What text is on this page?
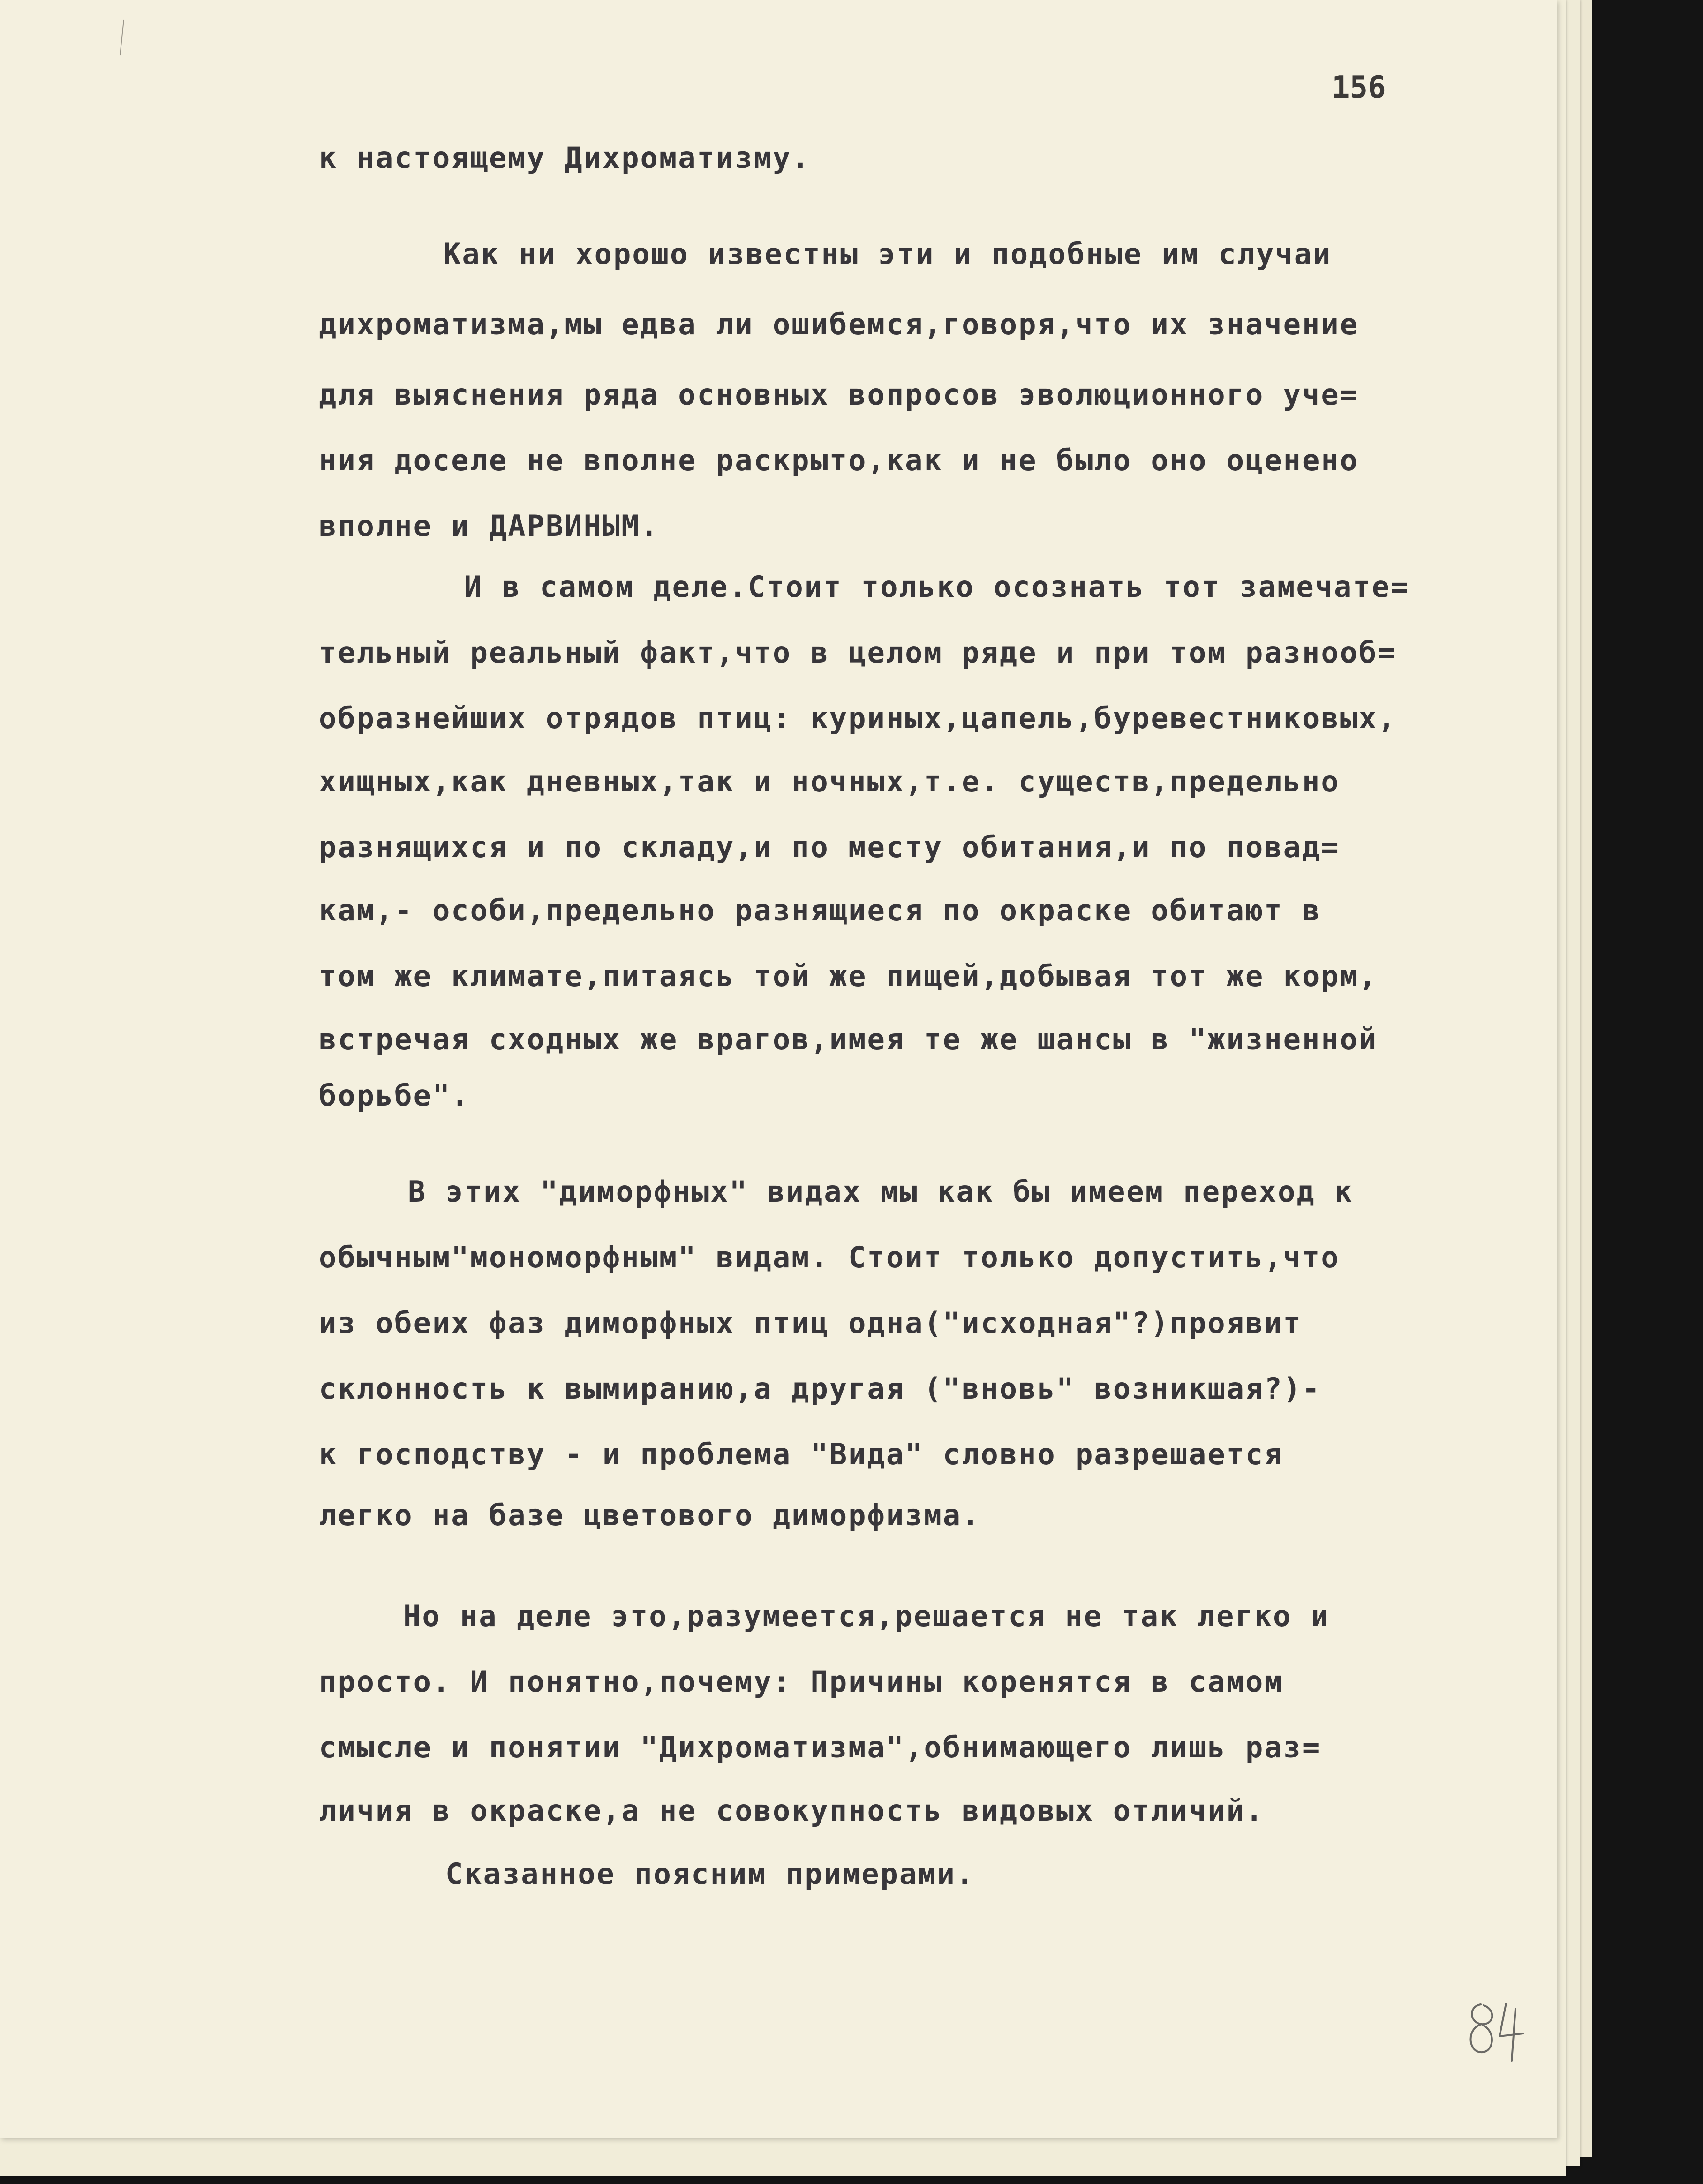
156

к настоящему Дихроматизму.

Как ни хорошо известны эти и подобные им случаи

дихроматизма,мы едва ли ошибемся,говоря,что их значение

для выяснения ряда основных вопросов эволюционного уче=

ния доселе не вполне раскрыто,как и не было оно оценено

вполне и ДАРВИНЫМ.

И в самом деле.Стоит только осознать тот замечате=

тельный реальный факт,что в целом ряде и при том разнооб=

образнейших отрядов птиц: куриных,цапель,буревестниковых,

хищных,как дневных,так и ночных,т.е. существ,предельно

разнящихся и по складу,и по месту обитания,и по повад=

кам,- особи,предельно разнящиеся по окраске обитают в

том же климате,питаясь той же пищей,добывая тот же корм,

встречая сходных же врагов,имея те же шансы в "жизненной

борьбе".

В этих "диморфных" видах мы как бы имеем переход к

обычным"мономорфным" видам. Стоит только допустить,что

из обеих фаз диморфных птиц одна("исходная"?)проявит

склонность к вымиранию,а другая ("вновь" возникшая?)-

к господству - и проблема "Вида" словно разрешается

легко на базе цветового диморфизма.

Но на деле это,разумеется,решается не так легко и

просто. И понятно,почему: Причины коренятся в самом

смысле и понятии "Дихроматизма",обнимающего лишь раз=

личия в окраске,а не совокупность видовых отличий.

Сказанное поясним примерами.
